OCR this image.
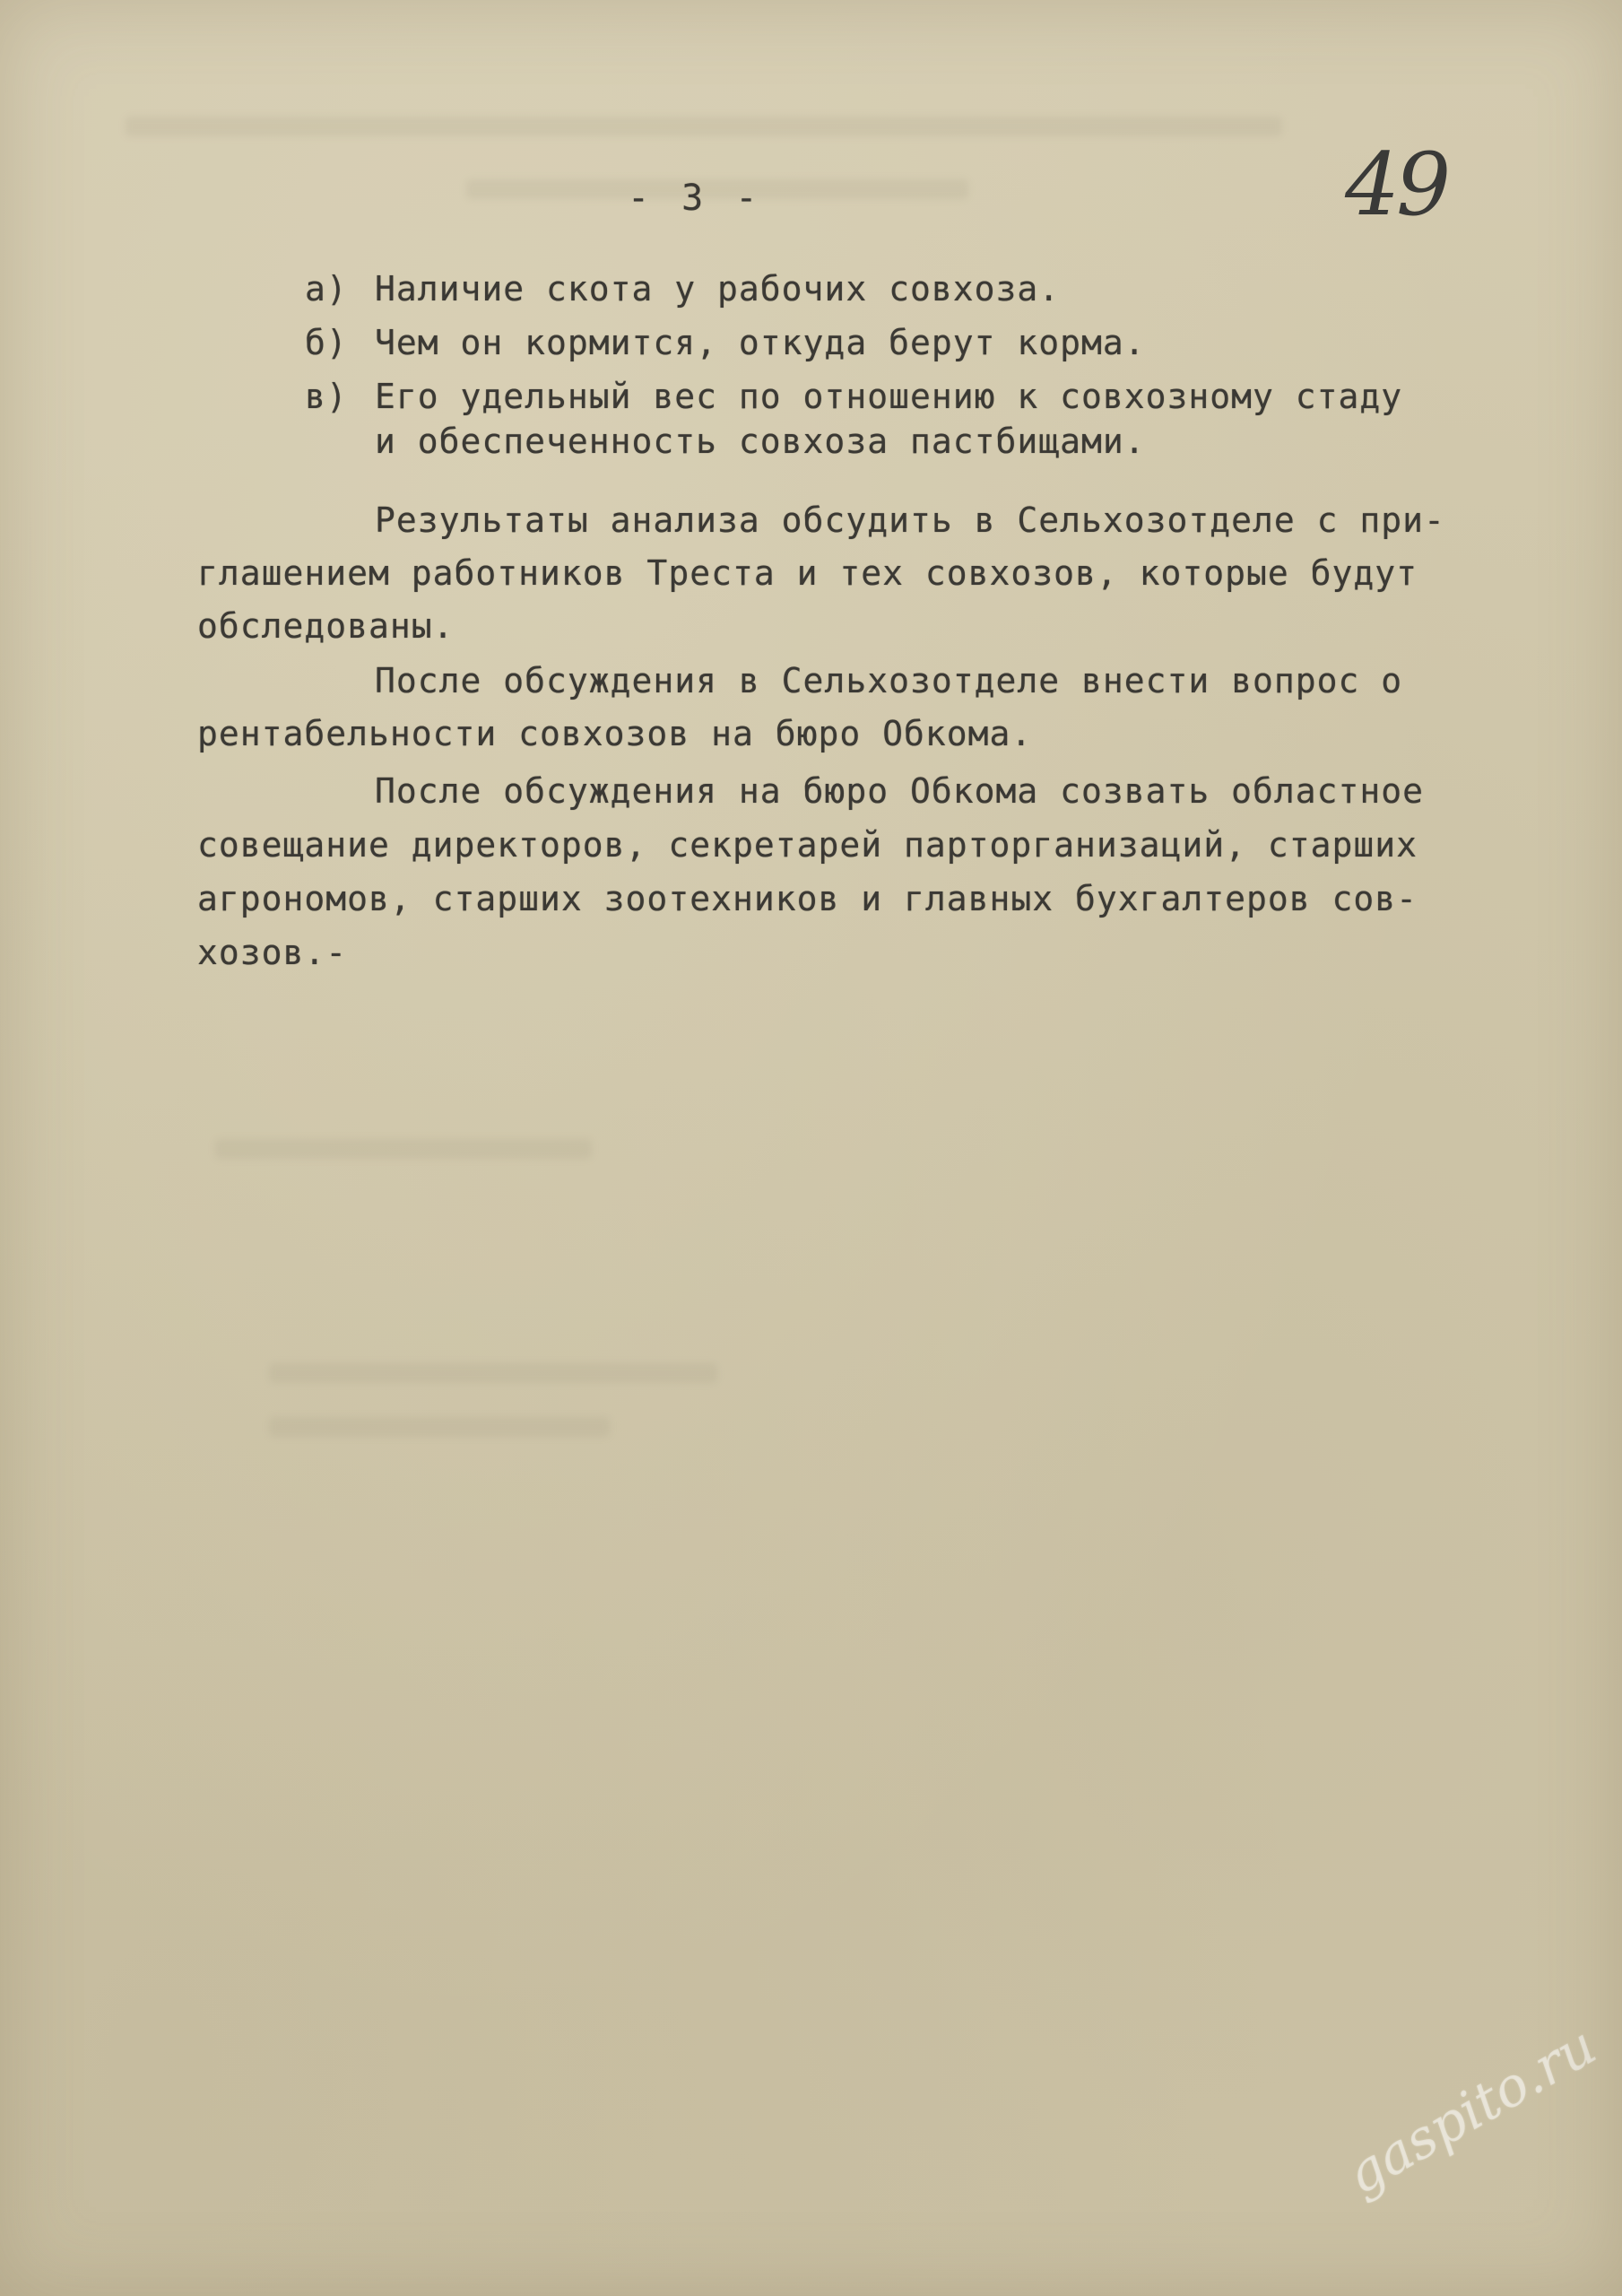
49

- 3 -

а) Наличие скота у рабочих совхоза.

б) Чем он кормится, откуда берут корма.

в) Его удельный вес по отношению к совхозному стаду

и обеспеченность совхоза пастбищами.

Результаты анализа обсудить в Сельхозотделе с при-

глашением работников Треста и тех совхозов, которые будут

обследованы.

После обсуждения в Сельхозотделе внести вопрос о

рентабельности совхозов на бюро Обкома.

После обсуждения на бюро Обкома созвать областное

совещание директоров, секретарей парторганизаций, старших

агрономов, старших зоотехников и главных бухгалтеров сов-

хозов.-

gaspito.ru
